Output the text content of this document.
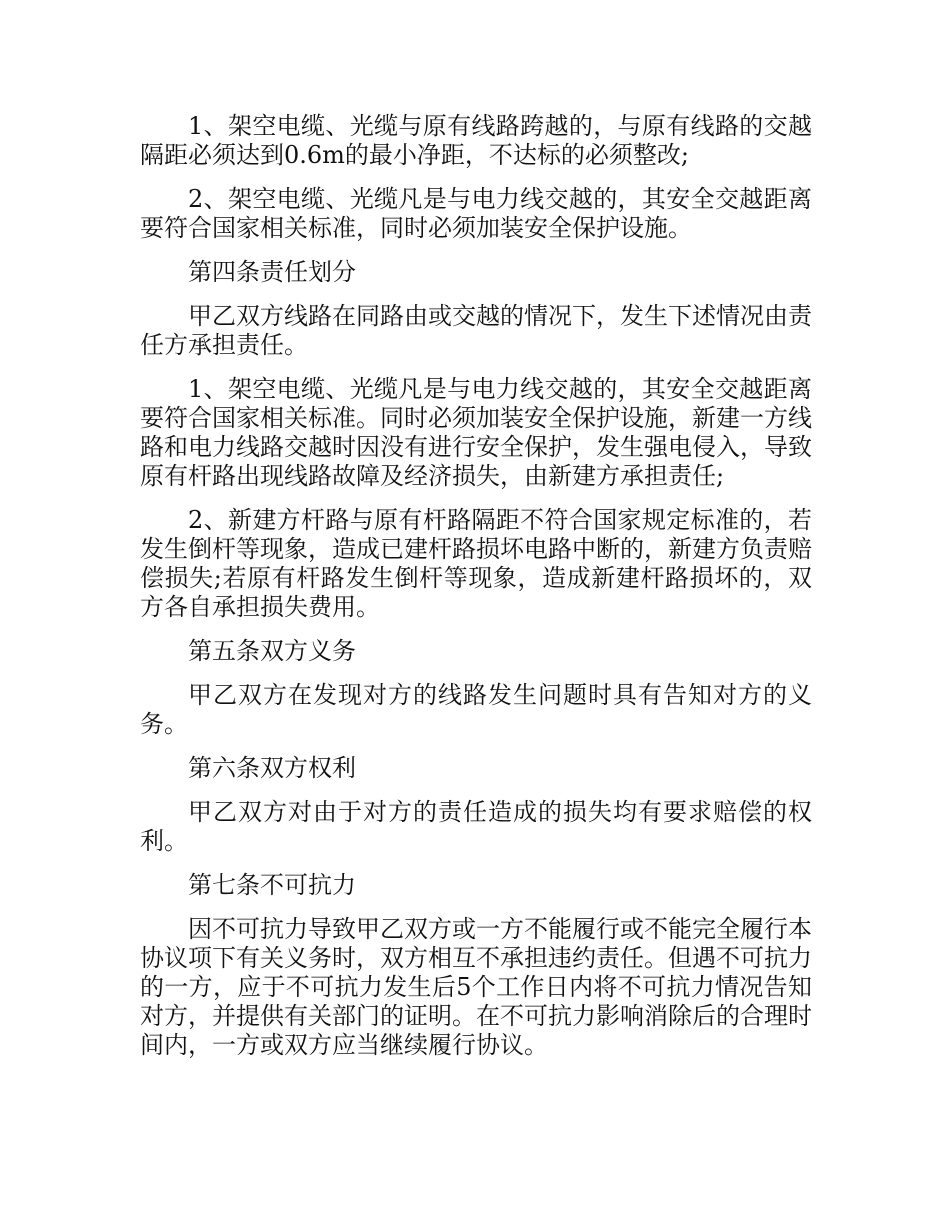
1、架空电缆、光缆与原有线路跨越的，与原有线路的交越隔距必须达到0.6m的最小净距，不达标的必须整改;

2、架空电缆、光缆凡是与电力线交越的，其安全交越距离要符合国家相关标准，同时必须加装安全保护设施。

第四条责任划分

甲乙双方线路在同路由或交越的情况下，发生下述情况由责任方承担责任。

1、架空电缆、光缆凡是与电力线交越的，其安全交越距离要符合国家相关标准。同时必须加装安全保护设施，新建一方线路和电力线路交越时因没有进行安全保护，发生强电侵入，导致原有杆路出现线路故障及经济损失，由新建方承担责任;

2、新建方杆路与原有杆路隔距不符合国家规定标准的，若发生倒杆等现象，造成已建杆路损坏电路中断的，新建方负责赔偿损失;若原有杆路发生倒杆等现象，造成新建杆路损坏的，双方各自承担损失费用。

第五条双方义务

甲乙双方在发现对方的线路发生问题时具有告知对方的义务。

第六条双方权利

甲乙双方对由于对方的责任造成的损失均有要求赔偿的权利。

第七条不可抗力

因不可抗力导致甲乙双方或一方不能履行或不能完全履行本协议项下有关义务时，双方相互不承担违约责任。但遇不可抗力的一方，应于不可抗力发生后5个工作日内将不可抗力情况告知对方，并提供有关部门的证明。在不可抗力影响消除后的合理时间内，一方或双方应当继续履行协议。
